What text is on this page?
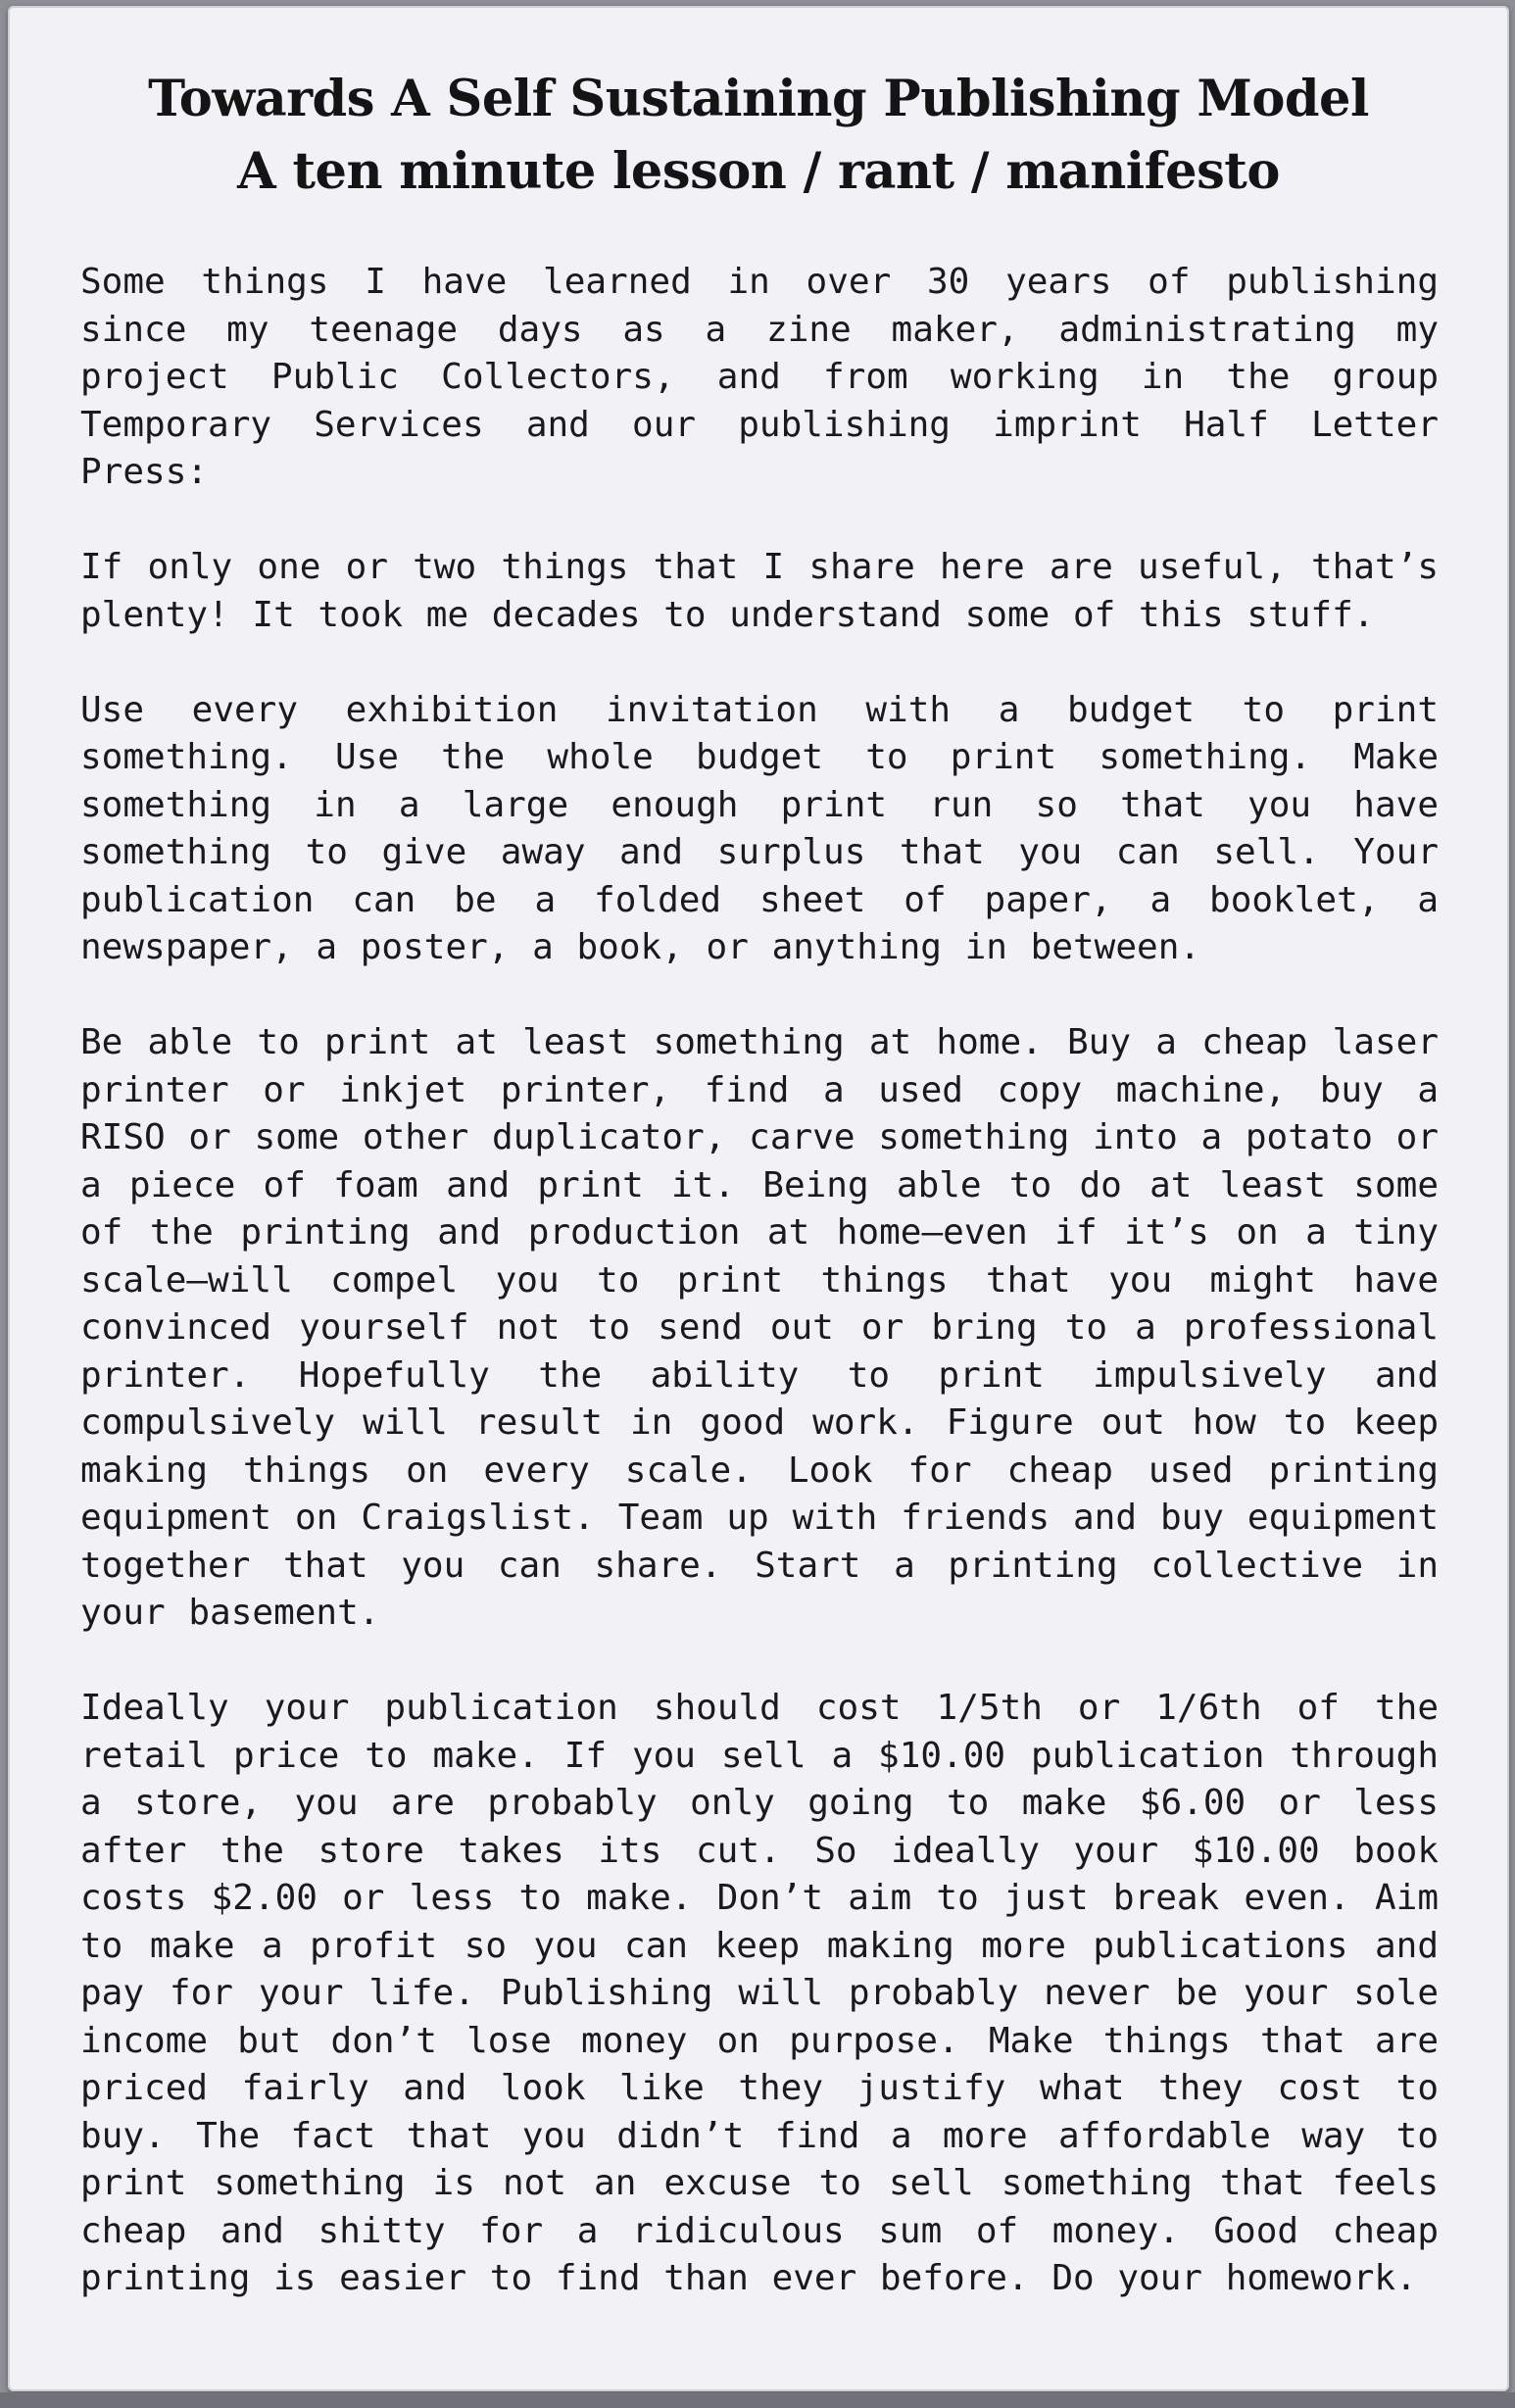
Towards A Self Sustaining Publishing Model
A ten minute lesson / rant / manifesto

Some things I have learned in over 30 years of publishing since my teenage days as a zine maker, administrating my project Public Collectors, and from working in the group Temporary Services and our publishing imprint Half Letter Press:

If only one or two things that I share here are useful, that’s plenty! It took me decades to understand some of this stuff.

Use every exhibition invitation with a budget to print something. Use the whole budget to print something. Make something in a large enough print run so that you have something to give away and surplus that you can sell. Your publication can be a folded sheet of paper, a booklet, a newspaper, a poster, a book, or anything in between.

Be able to print at least something at home. Buy a cheap laser printer or inkjet printer, find a used copy machine, buy a RISO or some other duplicator, carve something into a potato or a piece of foam and print it. Being able to do at least some of the printing and production at home—even if it’s on a tiny scale—will compel you to print things that you might have convinced yourself not to send out or bring to a professional printer. Hopefully the ability to print impulsively and compulsively will result in good work. Figure out how to keep making things on every scale. Look for cheap used printing equipment on Craigslist. Team up with friends and buy equipment together that you can share. Start a printing collective in your basement.

Ideally your publication should cost 1/5th or 1/6th of the retail price to make. If you sell a $10.00 publication through a store, you are probably only going to make $6.00 or less after the store takes its cut. So ideally your $10.00 book costs $2.00 or less to make. Don’t aim to just break even. Aim to make a profit so you can keep making more publications and pay for your life. Publishing will probably never be your sole income but don’t lose money on purpose. Make things that are priced fairly and look like they justify what they cost to buy. The fact that you didn’t find a more affordable way to print something is not an excuse to sell something that feels cheap and shitty for a ridiculous sum of money. Good cheap printing is easier to find than ever before. Do your homework.
